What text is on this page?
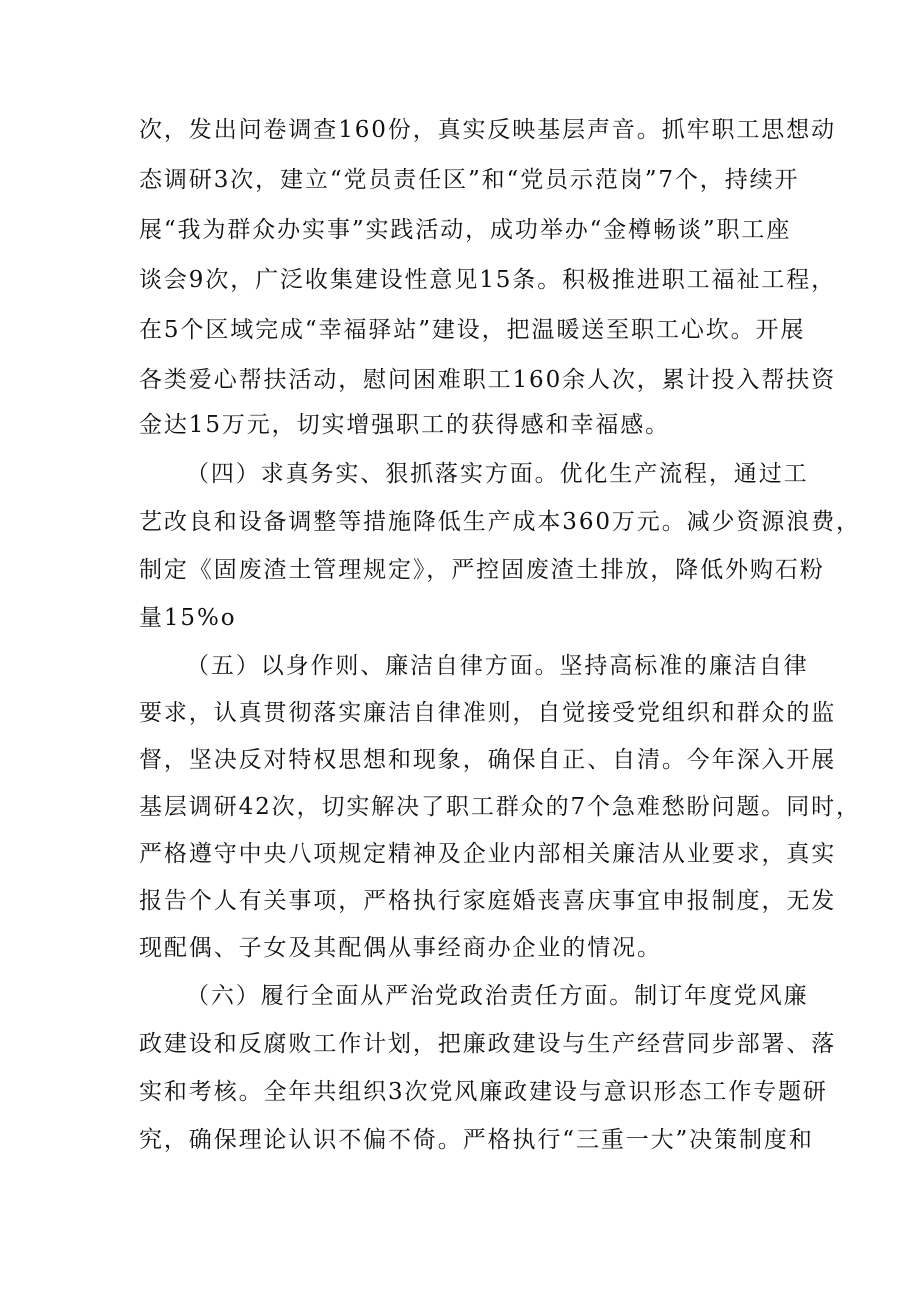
次，发出问卷调查160份，真实反映基层声音。抓牢职工思想动

态调研3次，建立“党员责任区”和“党员示范岗”7个，持续开

展“我为群众办实事”实践活动，成功举办“金樽畅谈”职工座

谈会9次，广泛收集建设性意见15条。积极推进职工福祉工程，

在5个区域完成“幸福驿站”建设，把温暖送至职工心坎。开展

各类爱心帮扶活动，慰问困难职工160余人次，累计投入帮扶资

金达15万元，切实增强职工的获得感和幸福感。

（四）求真务实、狠抓落实方面。优化生产流程，通过工

艺改良和设备调整等措施降低生产成本360万元。减少资源浪费，

制定《固废渣土管理规定》，严控固废渣土排放，降低外购石粉

量15%o

（五）以身作则、廉洁自律方面。坚持高标准的廉洁自律

要求，认真贯彻落实廉洁自律准则，自觉接受党组织和群众的监

督，坚决反对特权思想和现象，确保自正、自清。今年深入开展

基层调研42次，切实解决了职工群众的7个急难愁盼问题。同时，

严格遵守中央八项规定精神及企业内部相关廉洁从业要求，真实

报告个人有关事项，严格执行家庭婚丧喜庆事宜申报制度，无发

现配偶、子女及其配偶从事经商办企业的情况。

（六）履行全面从严治党政治责任方面。制订年度党风廉

政建设和反腐败工作计划，把廉政建设与生产经营同步部署、落

实和考核。全年共组织3次党风廉政建设与意识形态工作专题研

究，确保理论认识不偏不倚。严格执行“三重一大”决策制度和
